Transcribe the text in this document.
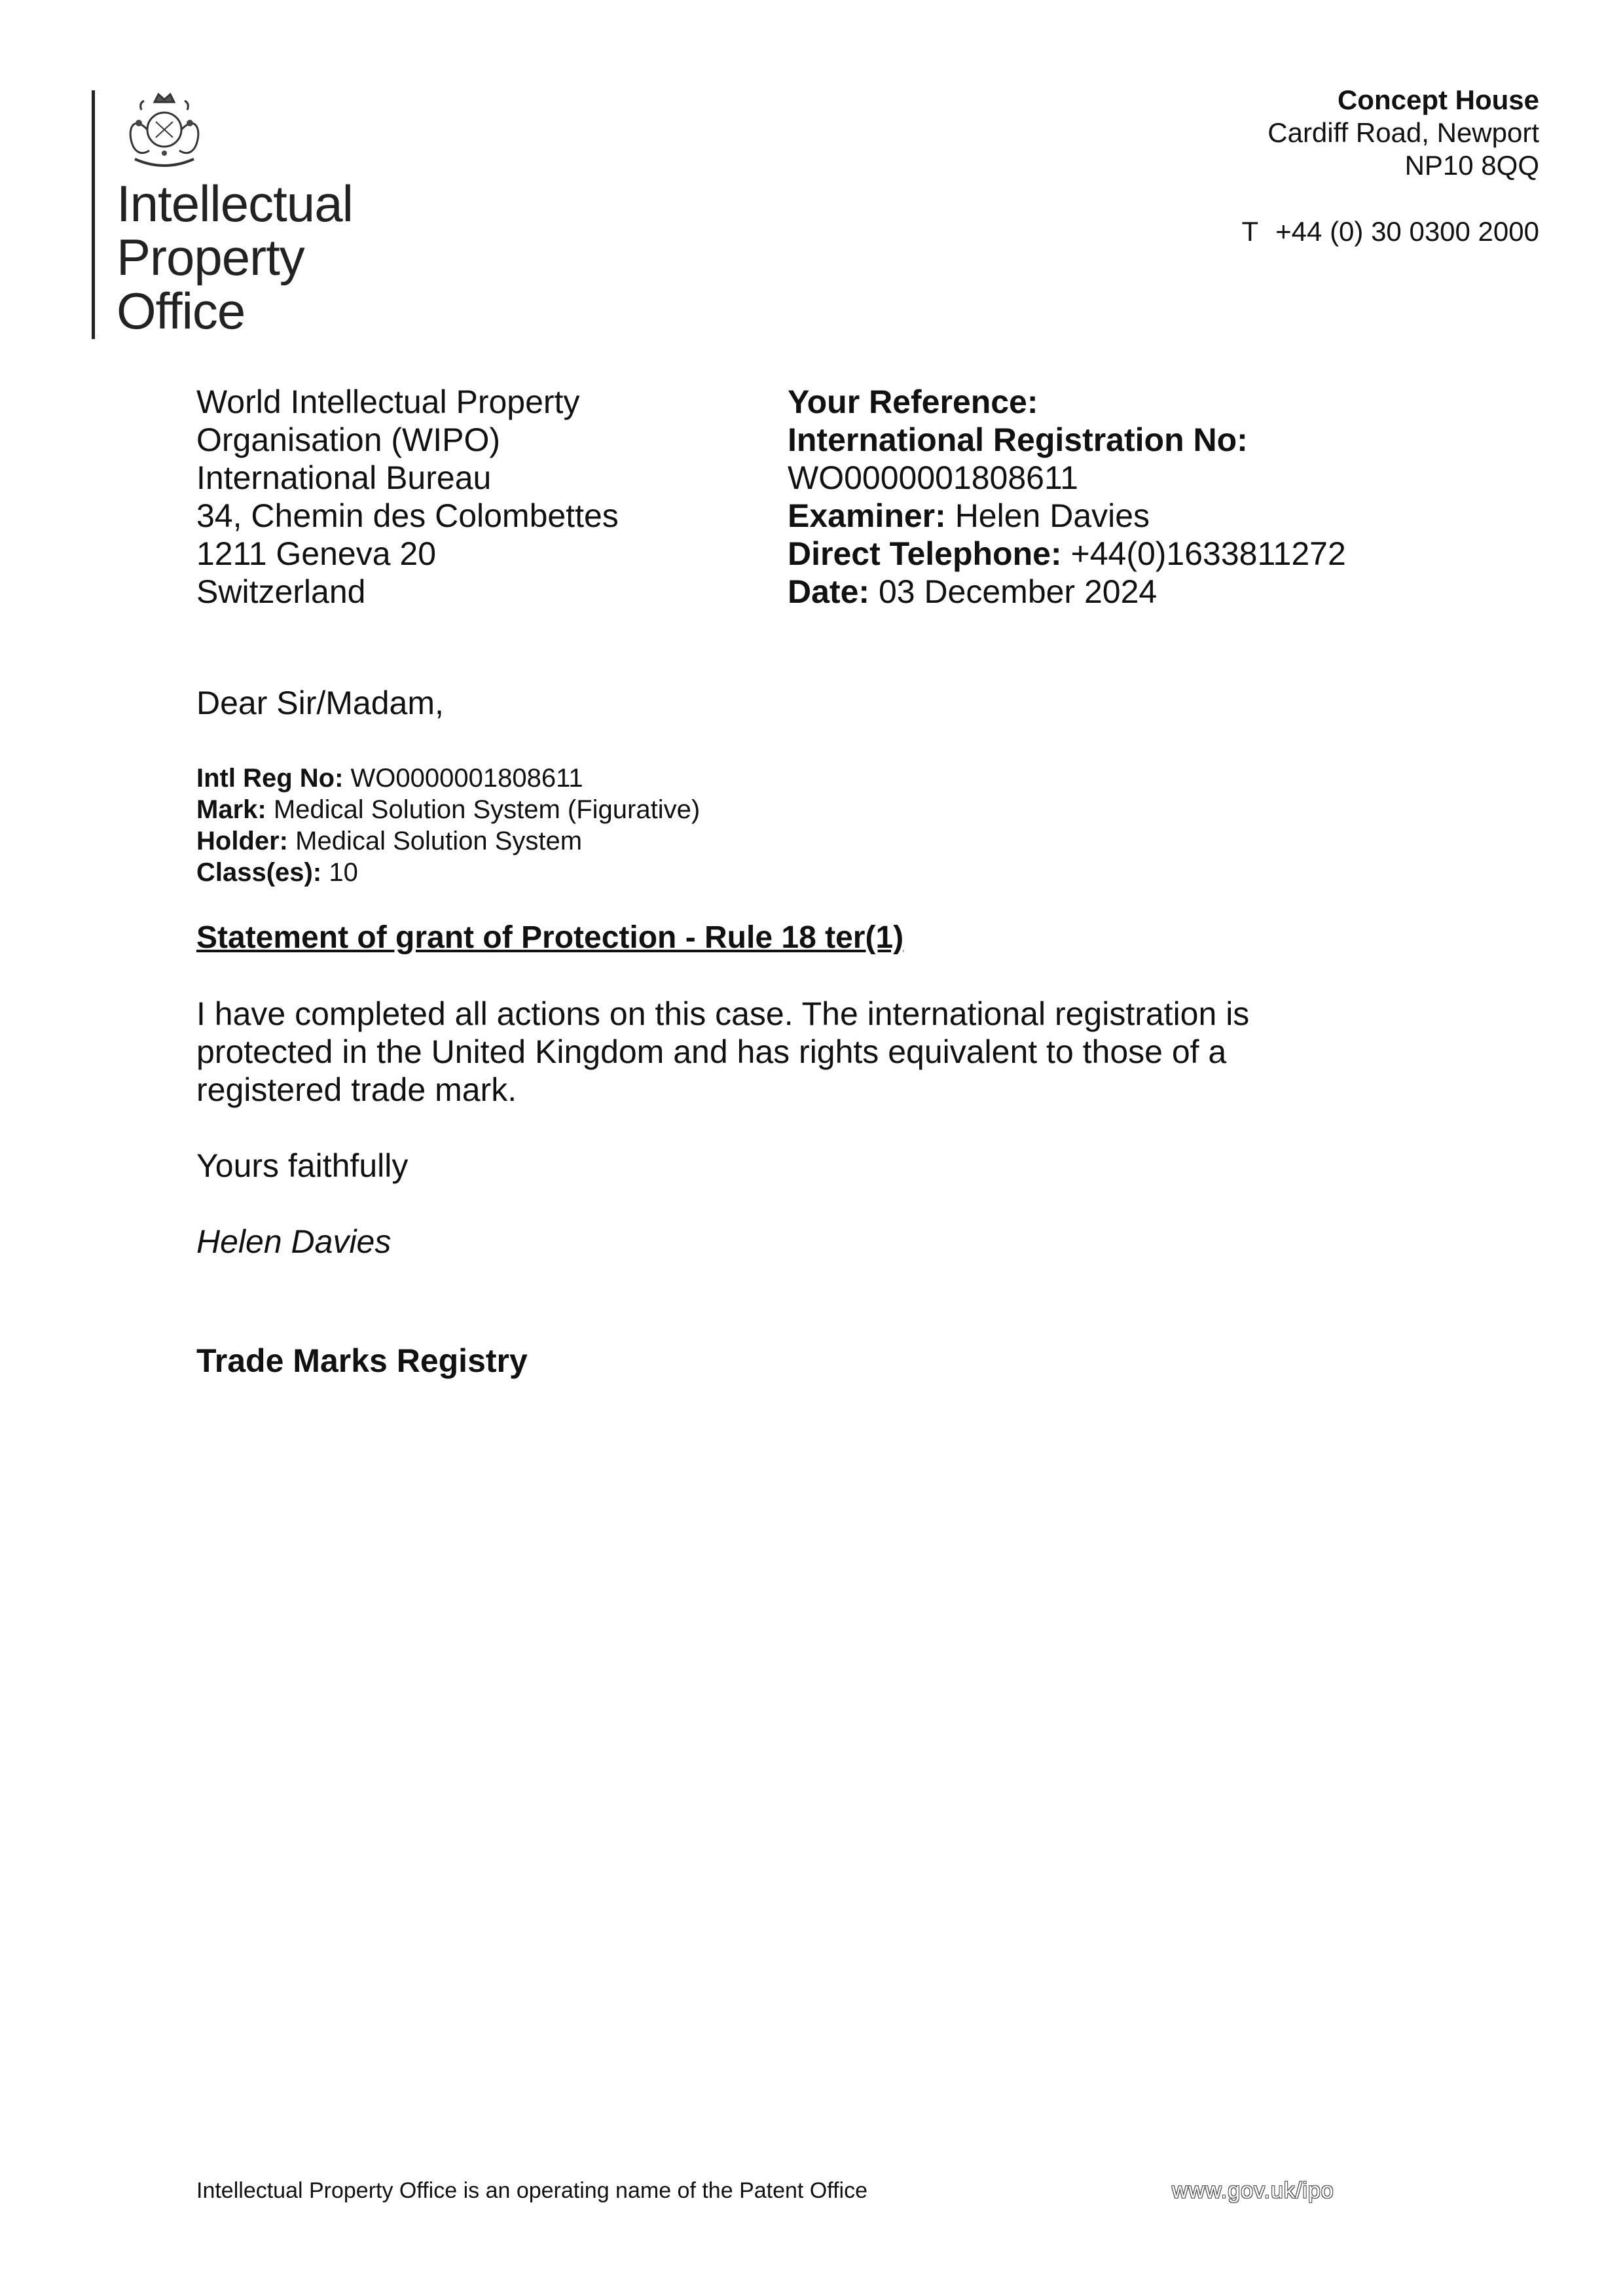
Intellectual
Property
Office
Concept House
Cardiff Road, Newport
NP10 8QQ
T +44 (0) 30 0300 2000
World Intellectual Property
Organisation (WIPO)
International Bureau
34, Chemin des Colombettes
1211 Geneva 20
Switzerland
Your Reference:
International Registration No:
WO0000001808611
Examiner: Helen Davies
Direct Telephone: +44(0)1633811272
Date: 03 December 2024
Dear Sir/Madam,
Intl Reg No: WO0000001808611
Mark: Medical Solution System (Figurative)
Holder: Medical Solution System
Class(es): 10
Statement of grant of Protection - Rule 18 ter(1)
I have completed all actions on this case. The international registration is
protected in the United Kingdom and has rights equivalent to those of a
registered trade mark.
Yours faithfully
Helen Davies
Trade Marks Registry
Intellectual Property Office is an operating name of the Patent Office	www.gov.uk/ipo
